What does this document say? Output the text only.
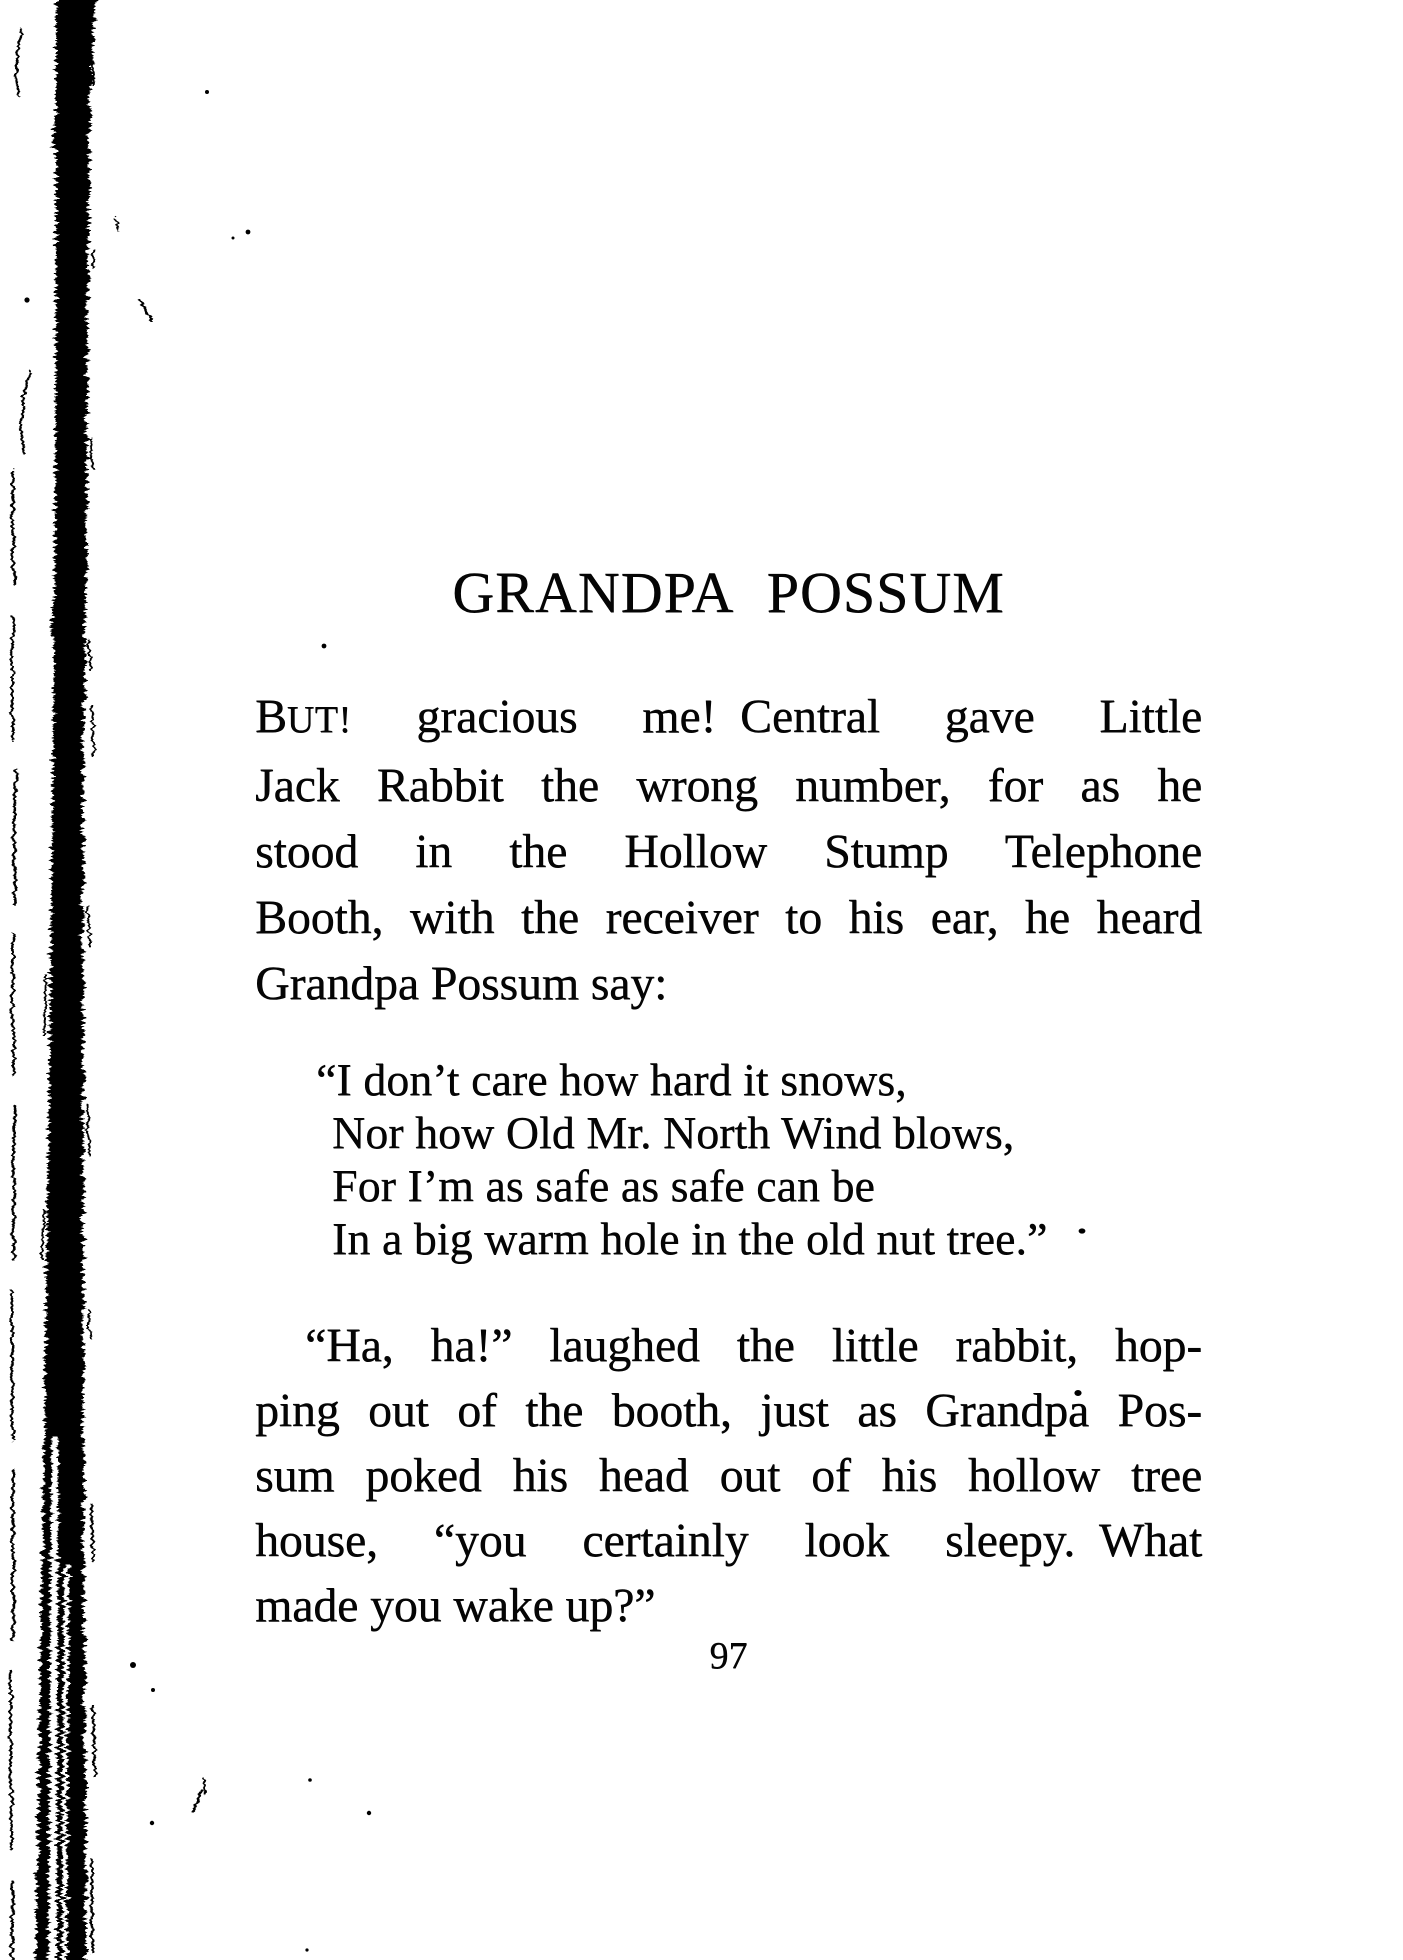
GRANDPA POSSUM
BUT! gracious me! Central gave Little
Jack Rabbit the wrong number, for as he
stood in the Hollow Stump Telephone
Booth, with the receiver to his ear, he heard
Grandpa Possum say:
“I don’t care how hard it snows,
Nor how Old Mr. North Wind blows,
For I’m as safe as safe can be
In a big warm hole in the old nut tree.”
“Ha, ha!” laughed the little rabbit, hop-
ping out of the booth, just as Grandpa Pos-
sum poked his head out of his hollow tree
house, “you certainly look sleepy. What
made you wake up?”
97
